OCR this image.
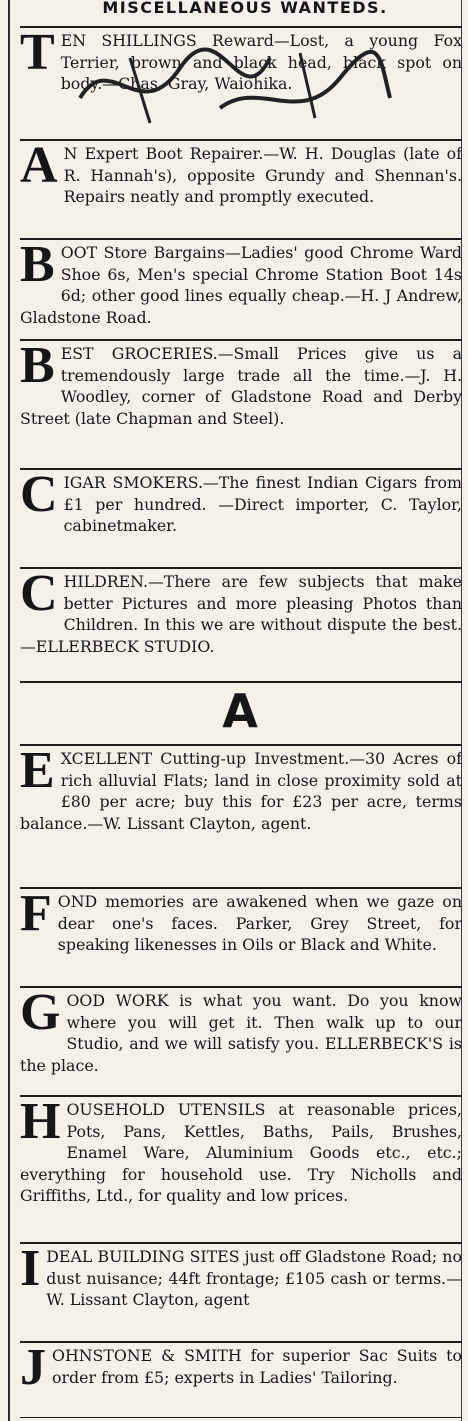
MISCELLANEOUS WANTEDS.
T EN SHILLINGS Reward—Lost, a young Fox Terrier, brown and black head, black spot on body.—Chas. Gray, Waiohika.

A N Expert Boot Repairer.—W. H. Douglas (late of R. Hannah's), opposite Grundy and Shennan's. Repairs neatly and promptly executed.

B OOT Store Bargains—Ladies' good Chrome Ward Shoe 6s, Men's special Chrome Station Boot 14s 6d; other good lines equally cheap.—H. J Andrew, Gladstone Road.

B EST GROCERIES.—Small Prices give us a tremendously large trade all the time.—J. H. Woodley, corner of Gladstone Road and Derby Street (late Chapman and Steel).

C IGAR SMOKERS.—The finest Indian Cigars from £1 per hundred. —Direct importer, C. Taylor, cabinetmaker.

C HILDREN.—There are few subjects that make better Pictures and more pleasing Photos than Children. In this we are without dispute the best.—ELLERBECK STUDIO.

A
E XCELLENT Cutting-up Investment.—30 Acres of rich alluvial Flats; land in close proximity sold at £80 per acre; buy this for £23 per acre, terms balance.—W. Lissant Clayton, agent.

F OND memories are awakened when we gaze on dear one's faces. Parker, Grey Street, for speaking likenesses in Oils or Black and White.

G OOD WORK is what you want. Do you know where you will get it. Then walk up to our Studio, and we will satisfy you. ELLERBECK'S is the place.

H OUSEHOLD UTENSILS at reasonable prices, Pots, Pans, Kettles, Baths, Pails, Brushes, Enamel Ware, Aluminium Goods etc., etc.; everything for household use. Try Nicholls and Griffiths, Ltd., for quality and low prices.

I DEAL BUILDING SITES just off Gladstone Road; no dust nuisance; 44ft frontage; £105 cash or terms.—W. Lissant Clayton, agent

J OHNSTONE & SMITH for superior Sac Suits to order from £5; experts in Ladies' Tailoring.
